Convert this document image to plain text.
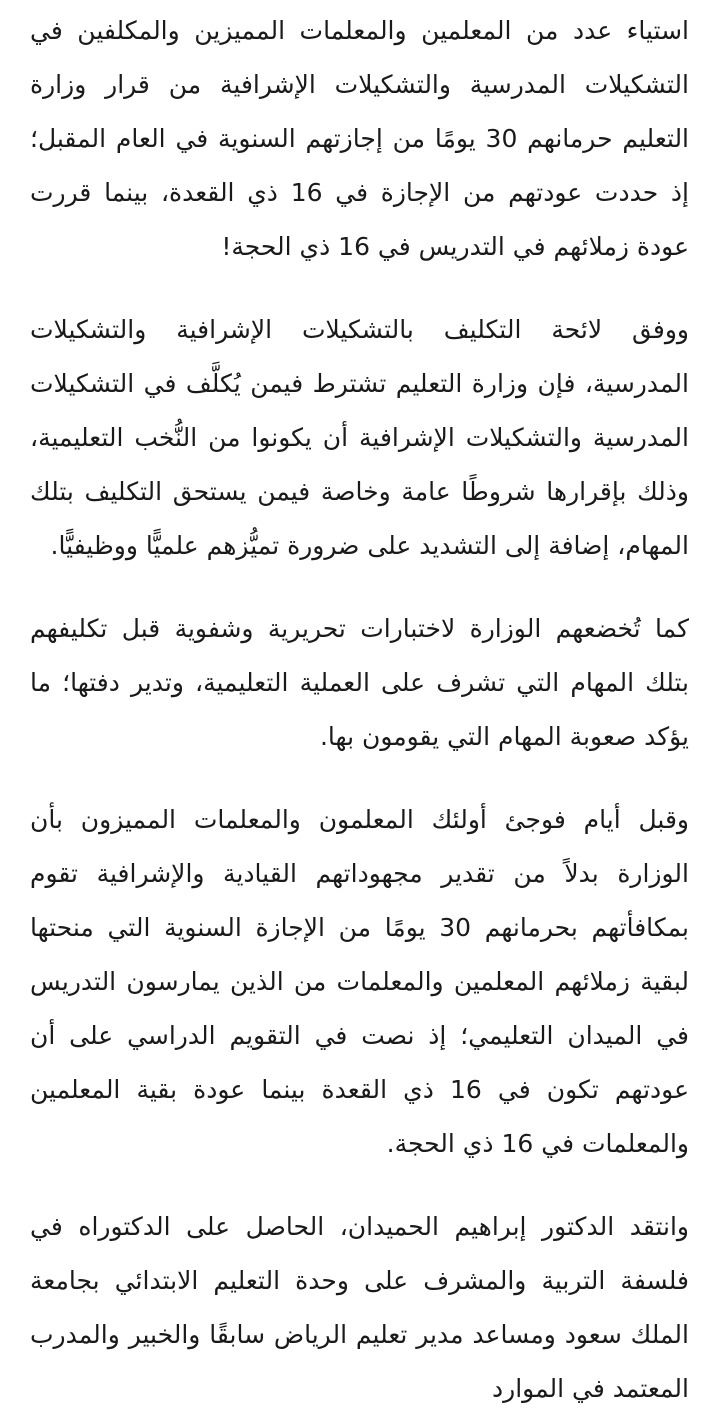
استياء عدد من المعلمين والمعلمات المميزين والمكلفين في التشكيلات المدرسية والتشكيلات الإشرافية من قرار وزارة التعليم حرمانهم 30 يومًا من إجازتهم السنوية في العام المقبل؛ إذ حددت عودتهم من الإجازة في 16 ذي القعدة، بينما قررت عودة زملائهم في التدريس في 16 ذي الحجة!

ووفق لائحة التكليف بالتشكيلات الإشرافية والتشكيلات المدرسية، فإن وزارة التعليم تشترط فيمن يُكلَّف في التشكيلات المدرسية والتشكيلات الإشرافية أن يكونوا من النُّخب التعليمية، وذلك بإقرارها شروطًا عامة وخاصة فيمن يستحق التكليف بتلك المهام، إضافة إلى التشديد على ضرورة تميُّزهم علميًّا ووظيفيًّا.

كما تُخضعهم الوزارة لاختبارات تحريرية وشفوية قبل تكليفهم بتلك المهام التي تشرف على العملية التعليمية، وتدير دفتها؛ ما يؤكد صعوبة المهام التي يقومون بها.

وقبل أيام فوجئ أولئك المعلمون والمعلمات المميزون بأن الوزارة بدلاً من تقدير مجهوداتهم القيادية والإشرافية تقوم بمكافأتهم بحرمانهم 30 يومًا من الإجازة السنوية التي منحتها لبقية زملائهم المعلمين والمعلمات من الذين يمارسون التدريس في الميدان التعليمي؛ إذ نصت في التقويم الدراسي على أن عودتهم تكون في 16 ذي القعدة بينما عودة بقية المعلمين والمعلمات في 16 ذي الحجة.

وانتقد الدكتور إبراهيم الحميدان، الحاصل على الدكتوراه في فلسفة التربية والمشرف على وحدة التعليم الابتدائي بجامعة الملك سعود ومساعد مدير تعليم الرياض سابقًا والخبير والمدرب المعتمد في الموارد
